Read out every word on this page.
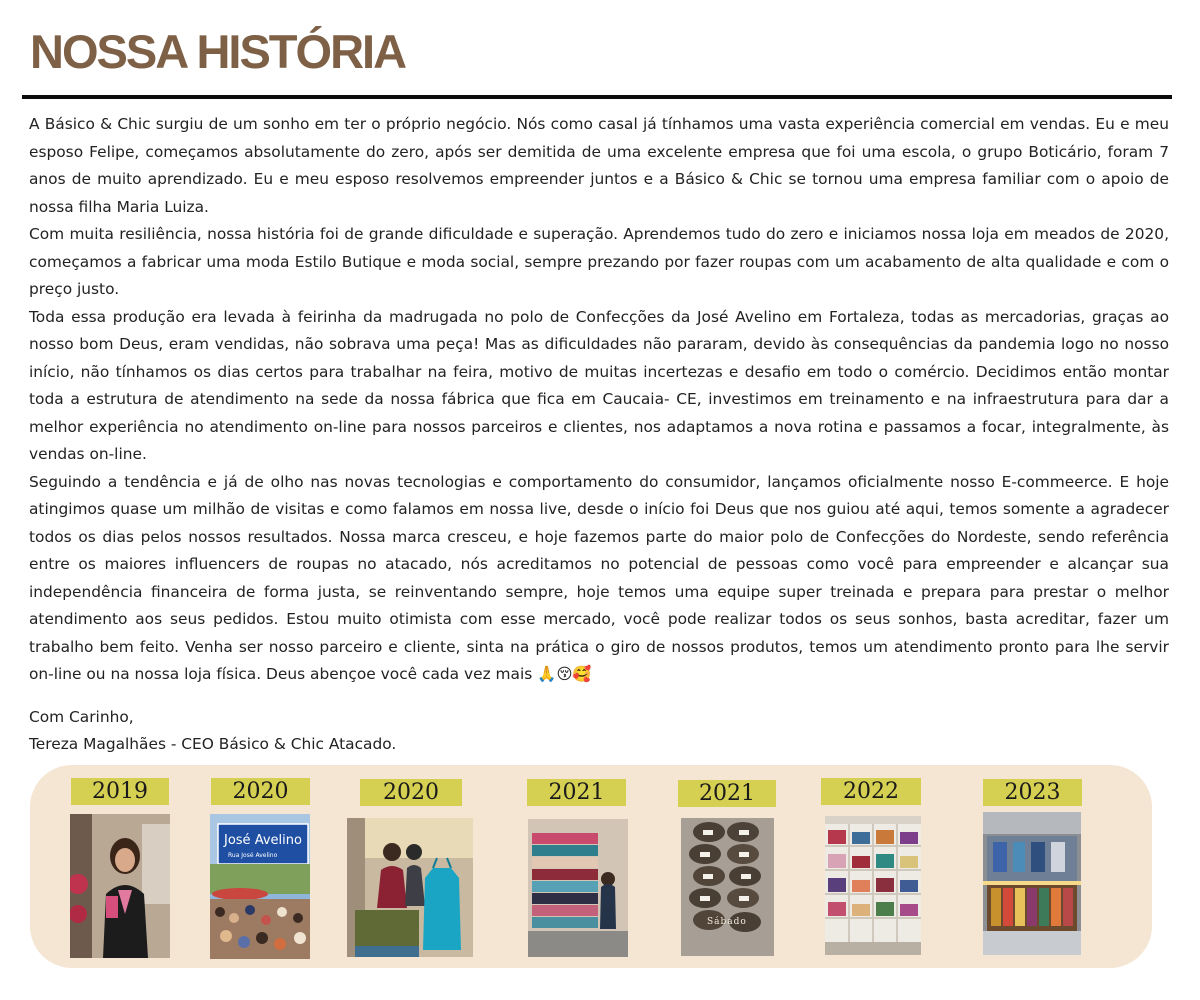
NOSSA HISTÓRIA

A Básico & Chic surgiu de um sonho em ter o próprio negócio. Nós como casal já tínhamos uma vasta experiência comercial em vendas. Eu e meu esposo Felipe, começamos absolutamente do zero, após ser demitida de uma excelente empresa que foi uma escola, o grupo Boticário, foram 7 anos de muito aprendizado. Eu e meu esposo resolvemos empreender juntos e a Básico & Chic se tornou uma empresa familiar com o apoio de nossa filha Maria Luiza.

Com muita resiliência, nossa história foi de grande dificuldade e superação. Aprendemos tudo do zero e iniciamos nossa loja em meados de 2020, começamos a fabricar uma moda Estilo Butique e moda social, sempre prezando por fazer roupas com um acabamento de alta qualidade e com o preço justo.

Toda essa produção era levada à feirinha da madrugada no polo de Confecções da José Avelino em Fortaleza, todas as mercadorias, graças ao nosso bom Deus, eram vendidas, não sobrava uma peça! Mas as dificuldades não pararam, devido às consequências da pandemia logo no nosso início, não tínhamos os dias certos para trabalhar na feira, motivo de muitas incertezas e desafio em todo o comércio. Decidimos então montar toda a estrutura de atendimento na sede da nossa fábrica que fica em Caucaia- CE, investimos em treinamento e na infraestrutura para dar a melhor experiência no atendimento on-line para nossos parceiros e clientes, nos adaptamos a nova rotina e passamos a focar, integralmente, às vendas on-line.

Seguindo a tendência e já de olho nas novas tecnologias e comportamento do consumidor, lançamos oficialmente nosso E-commeerce. E hoje atingimos quase um milhão de visitas e como falamos em nossa live, desde o início foi Deus que nos guiou até aqui, temos somente a agradecer todos os dias pelos nossos resultados. Nossa marca cresceu, e hoje fazemos parte do maior polo de Confecções do Nordeste, sendo referência entre os maiores influencers de roupas no atacado, nós acreditamos no potencial de pessoas como você para empreender e alcançar sua independência financeira de forma justa, se reinventando sempre, hoje temos uma equipe super treinada e prepara para prestar o melhor atendimento aos seus pedidos. Estou muito otimista com esse mercado, você pode realizar todos os seus sonhos, basta acreditar, fazer um trabalho bem feito. Venha ser nosso parceiro e cliente, sinta na prática o giro de nossos produtos, temos um atendimento pronto para lhe servir on-line ou na nossa loja física. Deus abençoe você cada vez mais 🙏😚🥰

Com Carinho,

Tereza Magalhães - CEO Básico & Chic Atacado.

2019	2020	2020	2021	2021	2022	2023
José Avelino
Rua José Avelino
Sábado
